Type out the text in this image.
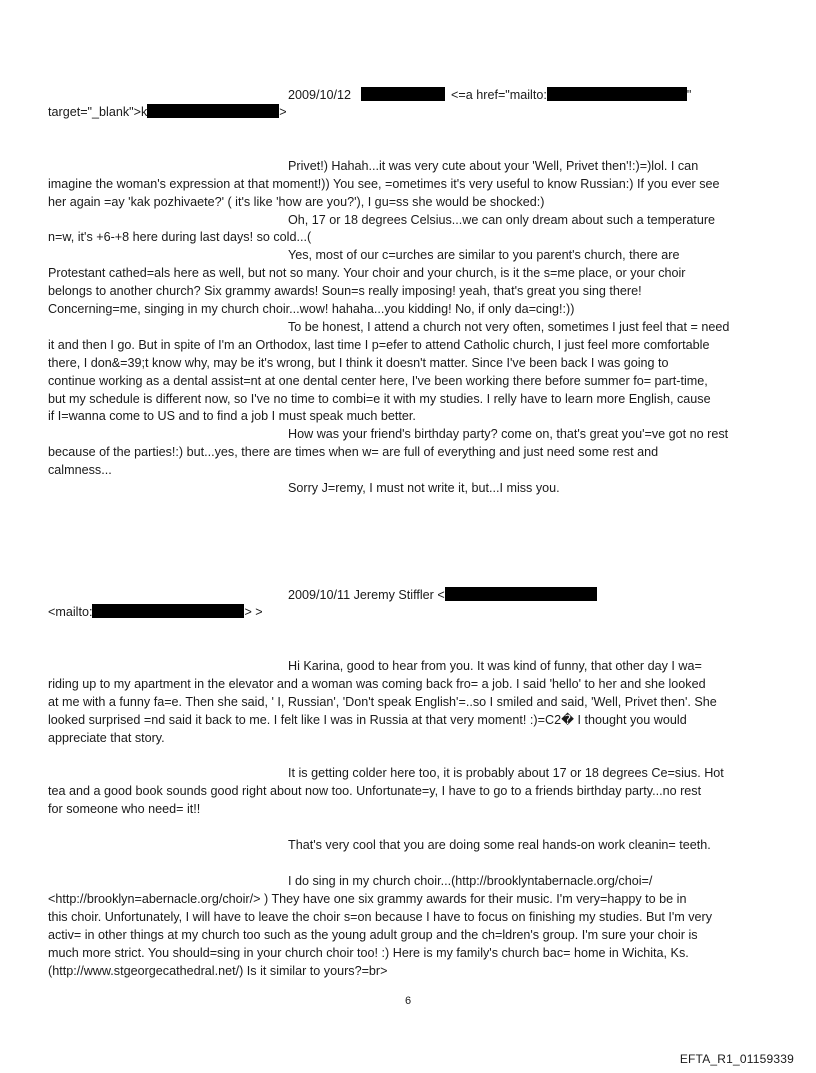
2009/10/12	<=a href="mailto:	"
target="_blank">k	>
Privet!) Hahah...it was very cute about your 'Well, Privet then'!:)=)lol. I can
imagine the woman's expression at that moment!)) You see, =ometimes it's very useful to know Russian:) If you ever see
her again =ay 'kak pozhivaete?' ( it's like 'how are you?'), I gu=ss she would be shocked:)
Oh, 17 or 18 degrees Celsius...we can only dream about such a temperature
n=w, it's +6-+8 here during last days! so cold...(
Yes, most of our c=urches are similar to you parent's church, there are
Protestant cathed=als here as well, but not so many. Your choir and your church, is it the s=me place, or your choir
belongs to another church? Six grammy awards! Soun=s really imposing! yeah, that's great you sing there!
Concerning=me, singing in my church choir...wow! hahaha...you kidding! No, if only da=cing!:))
To be honest, I attend a church not very often, sometimes I just feel that = need
it and then I go. But in spite of I'm an Orthodox, last time I p=efer to attend Catholic church, I just feel more comfortable
there, I don&=39;t know why, may be it's wrong, but I think it doesn't matter. Since I've been back I was going to
continue working as a dental assist=nt at one dental center here, I've been working there before summer fo= part-time,
but my schedule is different now, so I've no time to combi=e it with my studies. I relly have to learn more English, cause
if I=wanna come to US and to find a job I must speak much better.
How was your friend's birthday party? come on, that's great you'=ve got no rest
because of the parties!:) but...yes, there are times when w= are full of everything and just need some rest and
calmness...
Sorry J=remy, I must not write it, but...I miss you.
2009/10/11 Jeremy Stiffler <
<mailto:	> >
Hi Karina, good to hear from you. It was kind of funny, that other day I wa=
riding up to my apartment in the elevator and a woman was coming back fro= a job. I said 'hello' to her and she looked
at me with a funny fa=e. Then she said, ' I, Russian', 'Don't speak English'=..so I smiled and said, 'Well, Privet then'. She
looked surprised =nd said it back to me. I felt like I was in Russia at that very moment! :)=C2� I thought you would
appreciate that story.
It is getting colder here too, it is probably about 17 or 18 degrees Ce=sius. Hot
tea and a good book sounds good right about now too. Unfortunate=y, I have to go to a friends birthday party...no rest
for someone who need= it!!
That's very cool that you are doing some real hands-on work cleanin= teeth.
I do sing in my church choir...(http://brooklyntabernacle.org/choi=/
<http://brooklyn=abernacle.org/choir/> ) They have one six grammy awards for their music. I'm very=happy to be in
this choir. Unfortunately, I will have to leave the choir s=on because I have to focus on finishing my studies. But I'm very
activ= in other things at my church too such as the young adult group and the ch=ldren's group. I'm sure your choir is
much more strict. You should=sing in your church choir too! :) Here is my family's church bac= home in Wichita, Ks.
(http://www.stgeorgecathedral.net/) Is it similar to yours?=br>
6
EFTA_R1_01159339
